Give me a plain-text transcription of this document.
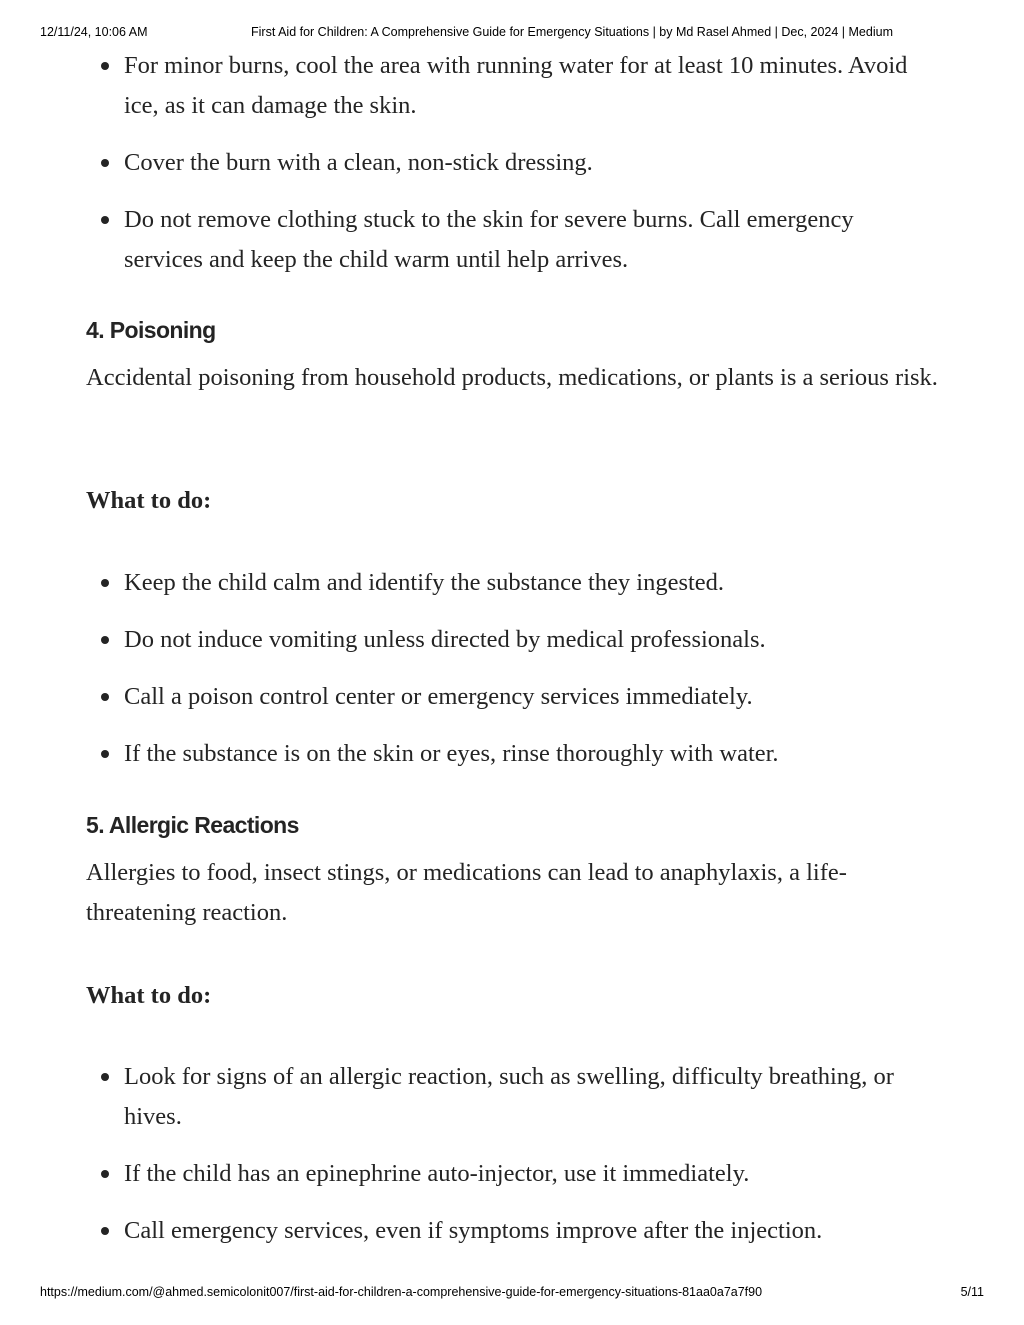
12/11/24, 10:06 AM	First Aid for Children: A Comprehensive Guide for Emergency Situations | by Md Rasel Ahmed | Dec, 2024 | Medium
For minor burns, cool the area with running water for at least 10 minutes. Avoid ice, as it can damage the skin.
Cover the burn with a clean, non-stick dressing.
Do not remove clothing stuck to the skin for severe burns. Call emergency services and keep the child warm until help arrives.
4. Poisoning

Accidental poisoning from household products, medications, or plants is a serious risk.

What to do:

Keep the child calm and identify the substance they ingested.
Do not induce vomiting unless directed by medical professionals.
Call a poison control center or emergency services immediately.
If the substance is on the skin or eyes, rinse thoroughly with water.
5. Allergic Reactions

Allergies to food, insect stings, or medications can lead to anaphylaxis, a life-threatening reaction.

What to do:

Look for signs of an allergic reaction, such as swelling, difficulty breathing, or hives.
If the child has an epinephrine auto-injector, use it immediately.
Call emergency services, even if symptoms improve after the injection.
https://medium.com/@ahmed.semicolonit007/first-aid-for-children-a-comprehensive-guide-for-emergency-situations-81aa0a7a7f90	5/11
